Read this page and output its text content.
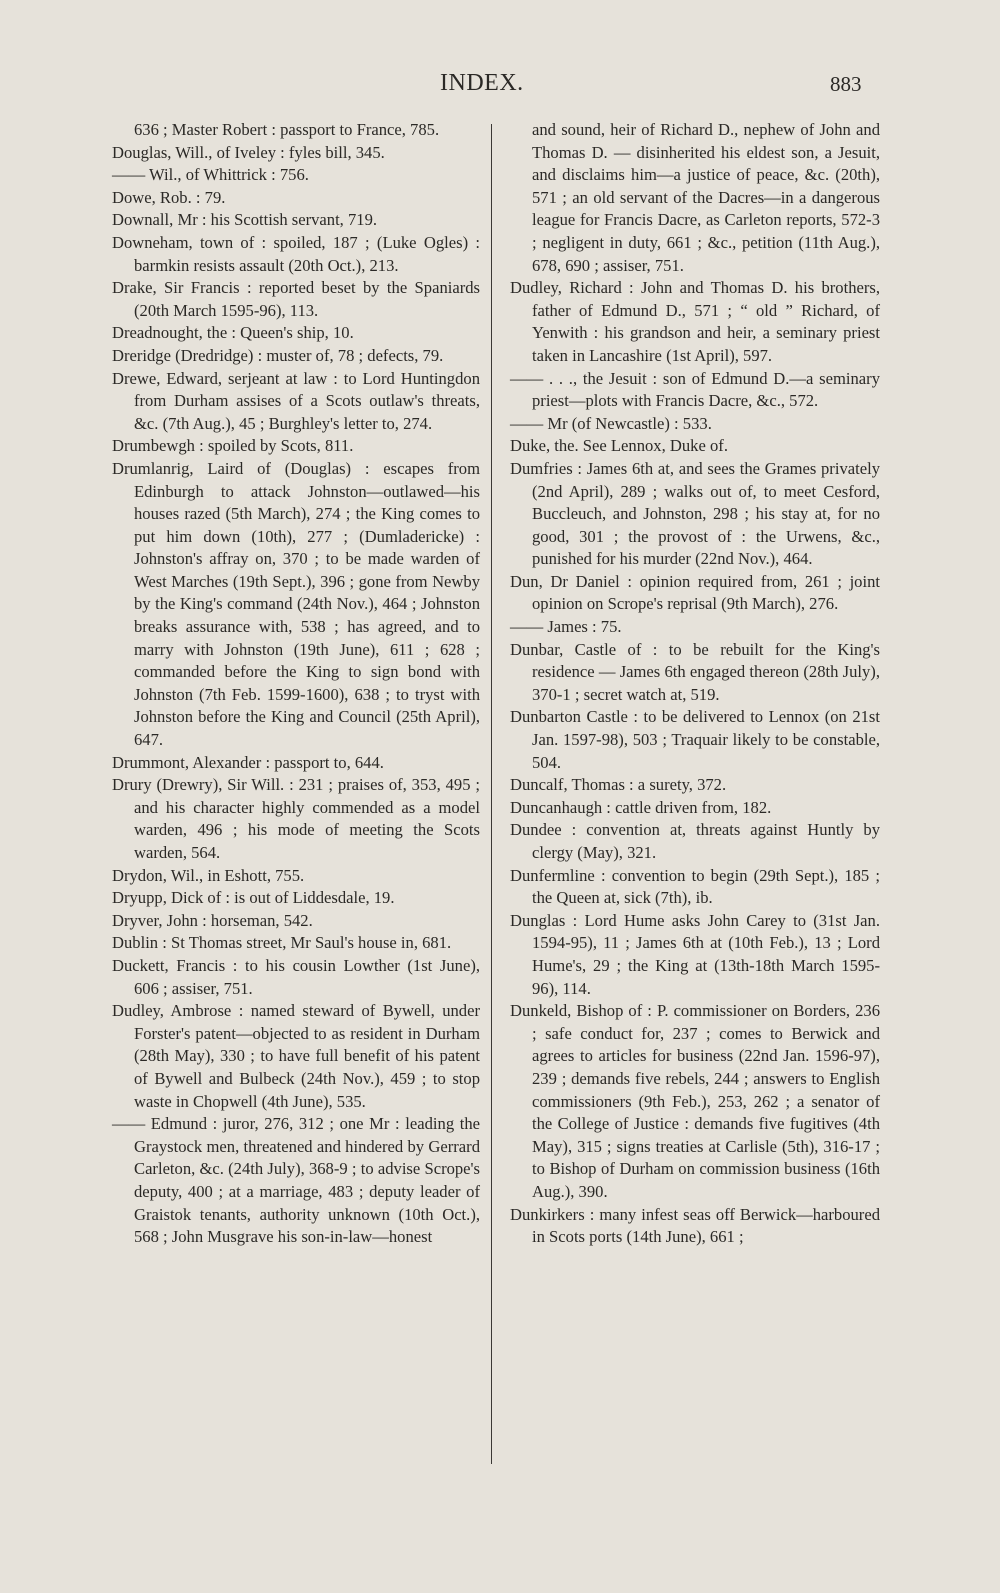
INDEX.	883

636 ; Master Robert : passport to France, 785.

Douglas, Will., of Iveley : fyles bill, 345.

—— Wil., of Whittrick : 756.

Dowe, Rob. : 79.

Downall, Mr : his Scottish servant, 719.

Downeham, town of : spoiled, 187 ; (Luke Ogles) : barmkin resists assault (20th Oct.), 213.

Drake, Sir Francis : reported beset by the Spaniards (20th March 1595-96), 113.

Dreadnought, the : Queen's ship, 10.

Dreridge (Dredridge) : muster of, 78 ; defects, 79.

Drewe, Edward, serjeant at law : to Lord Huntingdon from Durham assises of a Scots outlaw's threats, &c. (7th Aug.), 45 ; Burghley's letter to, 274.

Drumbewgh : spoiled by Scots, 811.

Drumlanrig, Laird of (Douglas) : escapes from Edinburgh to attack Johnston—outlawed—his houses razed (5th March), 274 ; the King comes to put him down (10th), 277 ; (Dumladericke) : Johnston's affray on, 370 ; to be made warden of West Marches (19th Sept.), 396 ; gone from Newby by the King's command (24th Nov.), 464 ; Johnston breaks assurance with, 538 ; has agreed, and to marry with Johnston (19th June), 611 ; 628 ; commanded before the King to sign bond with Johnston (7th Feb. 1599-1600), 638 ; to tryst with Johnston before the King and Council (25th April), 647.

Drummont, Alexander : passport to, 644.

Drury (Drewry), Sir Will. : 231 ; praises of, 353, 495 ; and his character highly commended as a model warden, 496 ; his mode of meeting the Scots warden, 564.

Drydon, Wil., in Eshott, 755.

Dryupp, Dick of : is out of Liddesdale, 19.

Dryver, John : horseman, 542.

Dublin : St Thomas street, Mr Saul's house in, 681.

Duckett, Francis : to his cousin Lowther (1st June), 606 ; assiser, 751.

Dudley, Ambrose : named steward of Bywell, under Forster's patent—objected to as resident in Durham (28th May), 330 ; to have full benefit of his patent of Bywell and Bulbeck (24th Nov.), 459 ; to stop waste in Chopwell (4th June), 535.

—— Edmund : juror, 276, 312 ; one Mr : leading the Graystock men, threatened and hindered by Gerrard Carleton, &c. (24th July), 368-9 ; to advise Scrope's deputy, 400 ; at a marriage, 483 ; deputy leader of Graistok tenants, authority unknown (10th Oct.), 568 ; John Musgrave his son-in-law—honest

and sound, heir of Richard D., nephew of John and Thomas D. — disinherited his eldest son, a Jesuit, and disclaims him—a justice of peace, &c. (20th), 571 ; an old servant of the Dacres—in a dangerous league for Francis Dacre, as Carleton reports, 572-3 ; negligent in duty, 661 ; &c., petition (11th Aug.), 678, 690 ; assiser, 751.

Dudley, Richard : John and Thomas D. his brothers, father of Edmund D., 571 ; “ old ” Richard, of Yenwith : his grandson and heir, a seminary priest taken in Lancashire (1st April), 597.

—— . . ., the Jesuit : son of Edmund D.—a seminary priest—plots with Francis Dacre, &c., 572.

—— Mr (of Newcastle) : 533.

Duke, the. See Lennox, Duke of.

Dumfries : James 6th at, and sees the Grames privately (2nd April), 289 ; walks out of, to meet Cesford, Buccleuch, and Johnston, 298 ; his stay at, for no good, 301 ; the provost of : the Urwens, &c., punished for his murder (22nd Nov.), 464.

Dun, Dr Daniel : opinion required from, 261 ; joint opinion on Scrope's reprisal (9th March), 276.

—— James : 75.

Dunbar, Castle of : to be rebuilt for the King's residence — James 6th engaged thereon (28th July), 370-1 ; secret watch at, 519.

Dunbarton Castle : to be delivered to Lennox (on 21st Jan. 1597-98), 503 ; Traquair likely to be constable, 504.

Duncalf, Thomas : a surety, 372.

Duncanhaugh : cattle driven from, 182.

Dundee : convention at, threats against Huntly by clergy (May), 321.

Dunfermline : convention to begin (29th Sept.), 185 ; the Queen at, sick (7th), ib.

Dunglas : Lord Hume asks John Carey to (31st Jan. 1594-95), 11 ; James 6th at (10th Feb.), 13 ; Lord Hume's, 29 ; the King at (13th-18th March 1595-96), 114.

Dunkeld, Bishop of : P. commissioner on Borders, 236 ; safe conduct for, 237 ; comes to Berwick and agrees to articles for business (22nd Jan. 1596-97), 239 ; demands five rebels, 244 ; answers to English commissioners (9th Feb.), 253, 262 ; a senator of the College of Justice : demands five fugitives (4th May), 315 ; signs treaties at Carlisle (5th), 316-17 ; to Bishop of Durham on commission business (16th Aug.), 390.

Dunkirkers : many infest seas off Berwick—harboured in Scots ports (14th June), 661 ;
